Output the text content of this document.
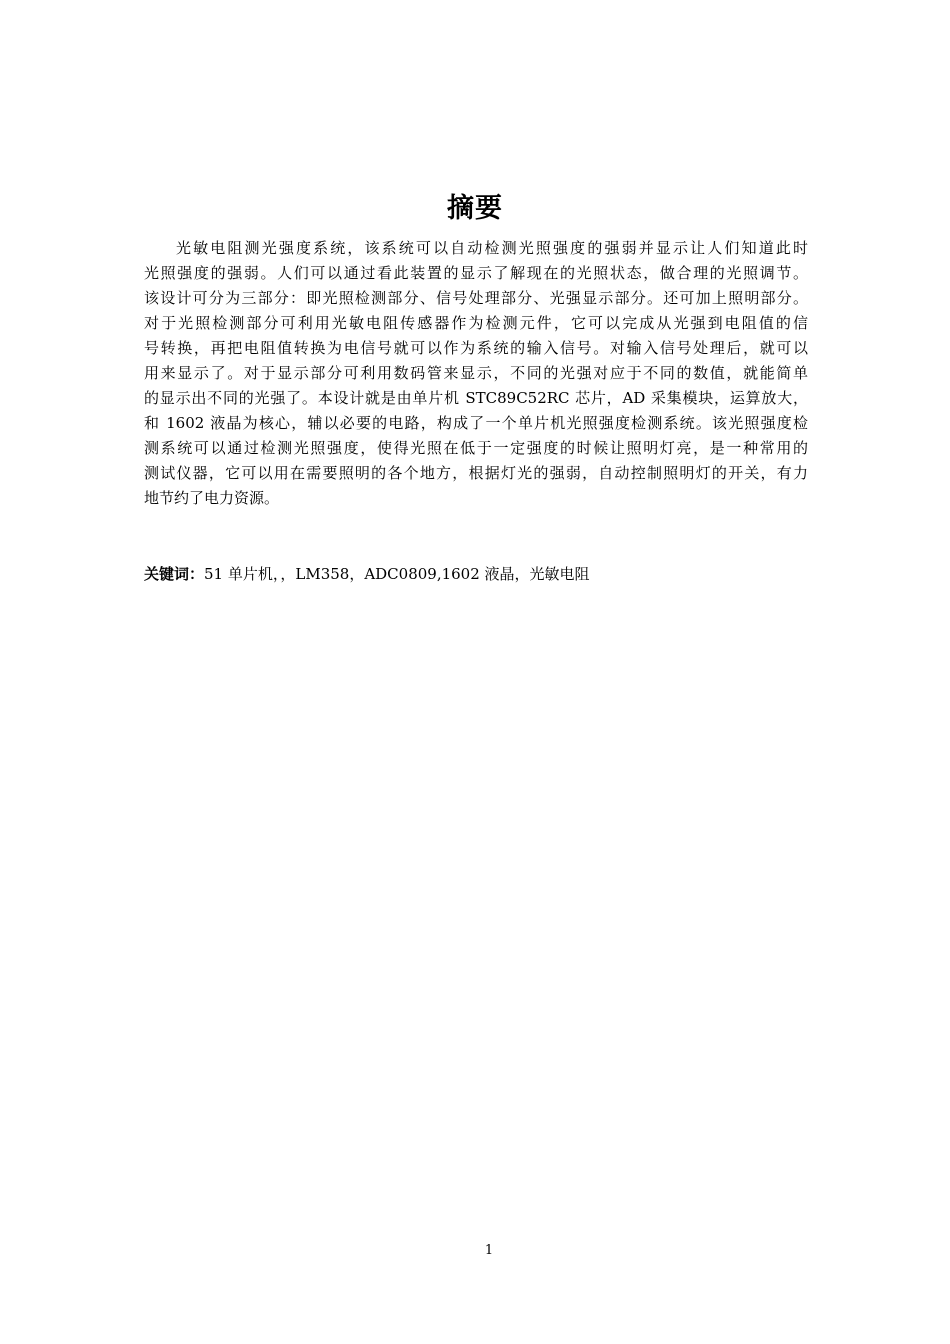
摘要
光敏电阻测光强度系统，该系统可以自动检测光照强度的强弱并显示让人们知道此时
光照强度的强弱。人们可以通过看此装置的显示了解现在的光照状态，做合理的光照调节。
该设计可分为三部分：即光照检测部分、信号处理部分、光强显示部分。还可加上照明部分。
对于光照检测部分可利用光敏电阻传感器作为检测元件，它可以完成从光强到电阻值的信
号转换，再把电阻值转换为电信号就可以作为系统的输入信号。对输入信号处理后，就可以
用来显示了。对于显示部分可利用数码管来显示，不同的光强对应于不同的数值，就能简单
的显示出不同的光强了。本设计就是由单片机 STC89C52RC 芯片，AD 采集模块，运算放大，
和 1602 液晶为核心，辅以必要的电路，构成了一个单片机光照强度检测系统。该光照强度检
测系统可以通过检测光照强度，使得光照在低于一定强度的时候让照明灯亮，是一种常用的
测试仪器，它可以用在需要照明的各个地方，根据灯光的强弱，自动控制照明灯的开关，有力
地节约了电力资源。
关键词：51 单片机，，LM358，ADC0809,1602 液晶，光敏电阻
1
